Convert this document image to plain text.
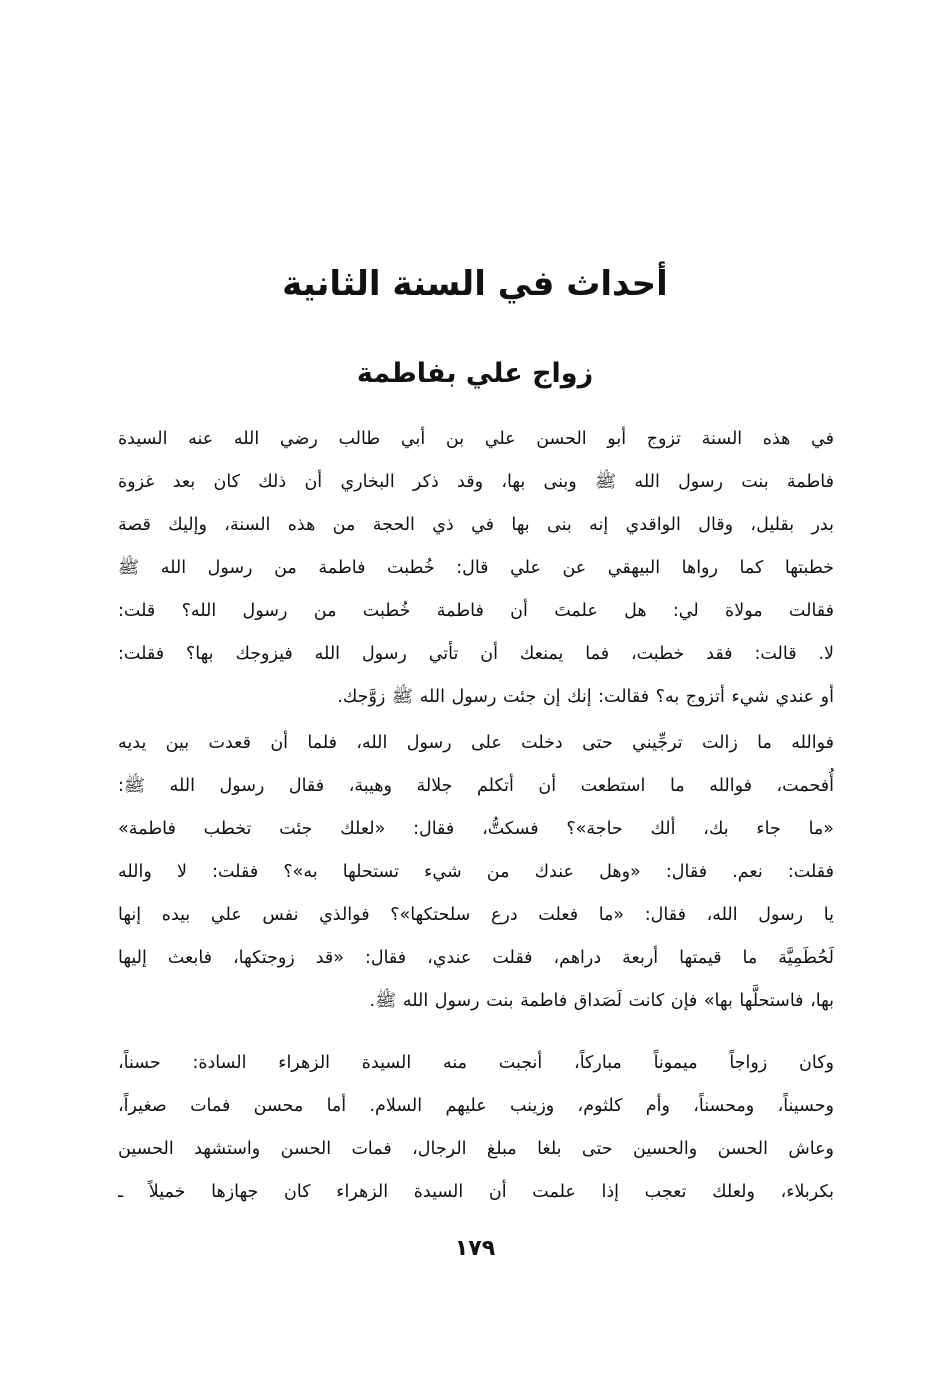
أحداث في السنة الثانية
زواج علي بفاطمة
في هذه السنة تزوج أبو الحسن علي بن أبي طالب رضي الله عنه السيدة
فاطمة بنت رسول الله ﷺ وبنى بها، وقد ذكر البخاري أن ذلك كان بعد غزوة
بدر بقليل، وقال الواقدي إنه بنى بها في ذي الحجة من هذه السنة، وإليك قصة
خطبتها كما رواها البيهقي عن علي قال: خُطبت فاطمة من رسول الله ﷺ
فقالت مولاة لي: هل علمتَ أن فاطمة خُطبت من رسول الله؟ قلت:
لا. قالت: فقد خطبت، فما يمنعك أن تأتي رسول الله فيزوجك بها؟ فقلت:
أو عندي شيء أتزوج به؟ فقالت: إنك إن جئت رسول الله ﷺ زوَّجك.
فوالله ما زالت ترجِّيني حتى دخلت على رسول الله، فلما أن قعدت بين يديه
أُفحمت، فوالله ما استطعت أن أتكلم جلالة وهيبة، فقال رسول الله ﷺ:
«ما جاء بك، ألك حاجة»؟ فسكتُّ، فقال: «لعلك جئت تخطب فاطمة»
فقلت: نعم. فقال: «وهل عندك من شيء تستحلها به»؟ فقلت: لا والله
يا رسول الله، فقال: «ما فعلت درع سلحتكها»؟ فوالذي نفس علي بيده إنها
لَحُطَمِيَّة ما قيمتها أربعة دراهم، فقلت عندي، فقال: «قد زوجتكها، فابعث إليها
بها، فاستحلَّها بها» فإن كانت لَصَداق فاطمة بنت رسول الله ﷺ.
وكان زواجاً ميموناً مباركاً، أنجبت منه السيدة الزهراء السادة: حسناً،
وحسيناً، ومحسناً، وأم كلثوم، وزينب عليهم السلام. أما محسن فمات صغيراً،
وعاش الحسن والحسين حتى بلغا مبلغ الرجال، فمات الحسن واستشهد الحسين
بكربلاء، ولعلك تعجب إذا علمت أن السيدة الزهراء كان جهازها خميلاً ـ
١٧٩
